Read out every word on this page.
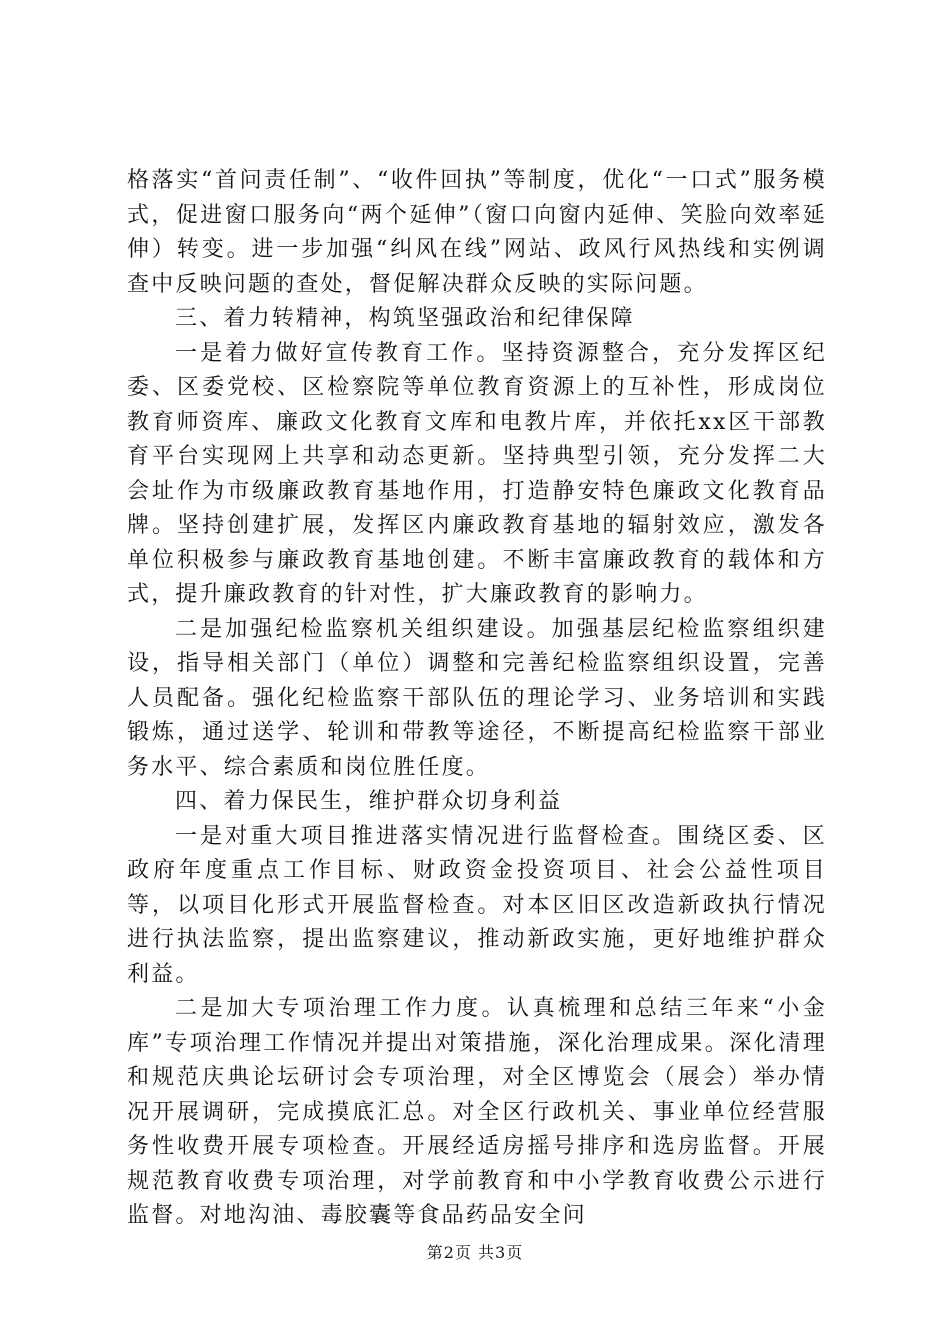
格落实“首问责任制”、“收件回执”等制度，优化“一口式”服务模式，促进窗口服务向“两个延伸”（窗口向窗内延伸、笑脸向效率延伸）转变。进一步加强“纠风在线”网站、政风行风热线和实例调查中反映问题的查处，督促解决群众反映的实际问题。

三、着力转精神，构筑坚强政治和纪律保障

一是着力做好宣传教育工作。坚持资源整合，充分发挥区纪委、区委党校、区检察院等单位教育资源上的互补性，形成岗位教育师资库、廉政文化教育文库和电教片库，并依托xx区干部教育平台实现网上共享和动态更新。坚持典型引领，充分发挥二大会址作为市级廉政教育基地作用，打造静安特色廉政文化教育品牌。坚持创建扩展，发挥区内廉政教育基地的辐射效应，激发各单位积极参与廉政教育基地创建。不断丰富廉政教育的载体和方式，提升廉政教育的针对性，扩大廉政教育的影响力。

二是加强纪检监察机关组织建设。加强基层纪检监察组织建设，指导相关部门（单位）调整和完善纪检监察组织设置，完善人员配备。强化纪检监察干部队伍的理论学习、业务培训和实践锻炼，通过送学、轮训和带教等途径，不断提高纪检监察干部业务水平、综合素质和岗位胜任度。

四、着力保民生，维护群众切身利益

一是对重大项目推进落实情况进行监督检查。围绕区委、区政府年度重点工作目标、财政资金投资项目、社会公益性项目等，以项目化形式开展监督检查。对本区旧区改造新政执行情况进行执法监察，提出监察建议，推动新政实施，更好地维护群众利益。

二是加大专项治理工作力度。认真梳理和总结三年来“小金库”专项治理工作情况并提出对策措施，深化治理成果。深化清理和规范庆典论坛研讨会专项治理，对全区博览会（展会）举办情况开展调研，完成摸底汇总。对全区行政机关、事业单位经营服务性收费开展专项检查。开展经适房摇号排序和选房监督。开展规范教育收费专项治理，对学前教育和中小学教育收费公示进行监督。对地沟油、毒胶囊等食品药品安全问

第2页 共3页
